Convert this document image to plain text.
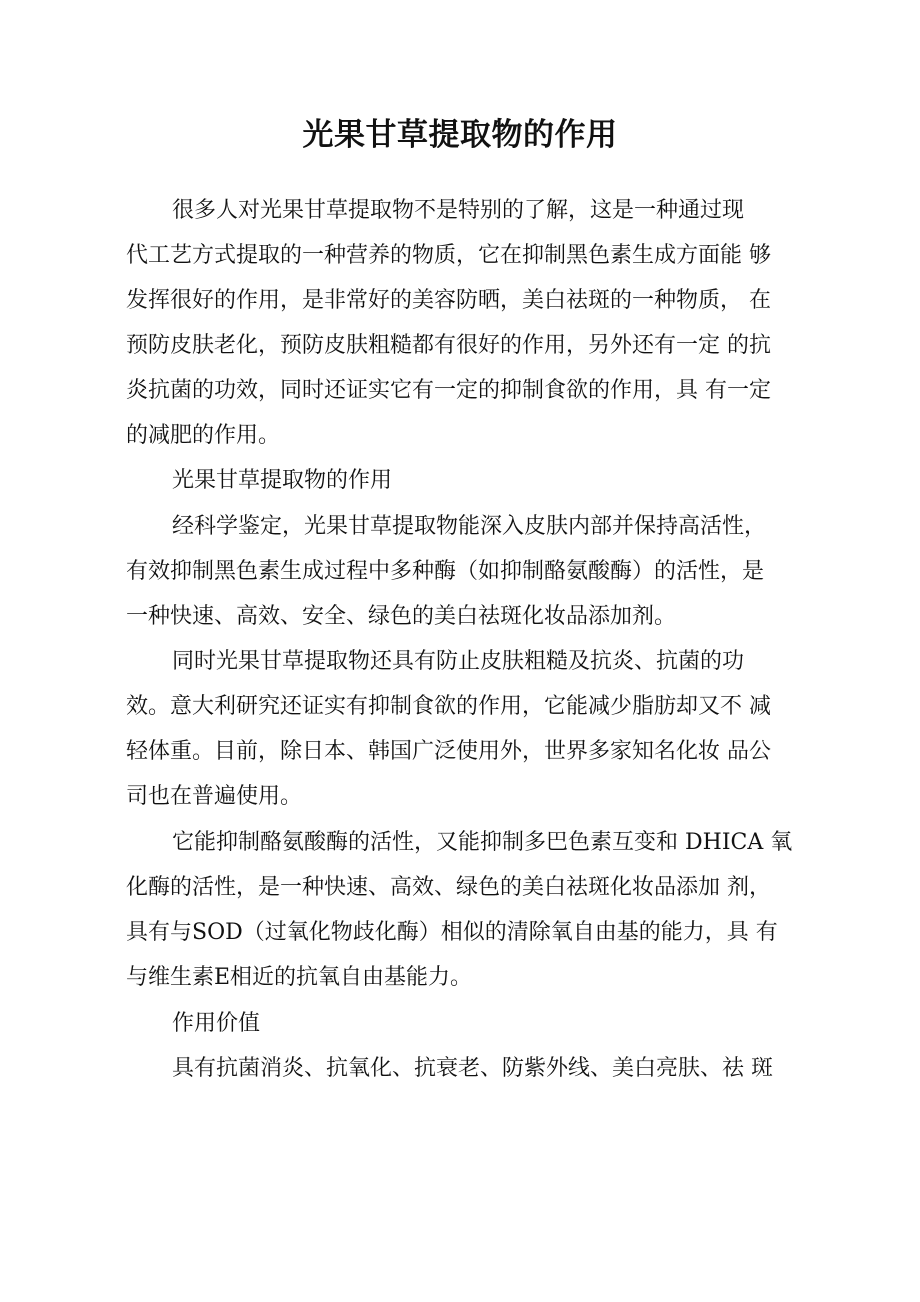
光果甘草提取物的作用

很多人对光果甘草提取物不是特别的了解，这是一种通过现

代工艺方式提取的一种营养的物质，它在抑制黑色素生成方面能 够

发挥很好的作用，是非常好的美容防晒，美白祛斑的一种物质， 在

预防皮肤老化，预防皮肤粗糙都有很好的作用，另外还有一定 的抗

炎抗菌的功效，同时还证实它有一定的抑制食欲的作用，具 有一定

的减肥的作用。

光果甘草提取物的作用

经科学鉴定，光果甘草提取物能深入皮肤内部并保持高活性，

有效抑制黑色素生成过程中多种酶（如抑制酪氨酸酶）的活性，是

一种快速、高效、安全、绿色的美白祛斑化妆品添加剂。

同时光果甘草提取物还具有防止皮肤粗糙及抗炎、抗菌的功

效。意大利研究还证实有抑制食欲的作用，它能减少脂肪却又不 减

轻体重。目前，除日本、韩国广泛使用外，世界多家知名化妆 品公

司也在普遍使用。

它能抑制酪氨酸酶的活性，又能抑制多巴色素互变和 DHICA 氧

化酶的活性，是一种快速、高效、绿色的美白祛斑化妆品添加 剂，

具有与SOD（过氧化物歧化酶）相似的清除氧自由基的能力，具 有

与维生素E相近的抗氧自由基能力。

作用价值

具有抗菌消炎、抗氧化、抗衰老、防紫外线、美白亮肤、祛 斑
